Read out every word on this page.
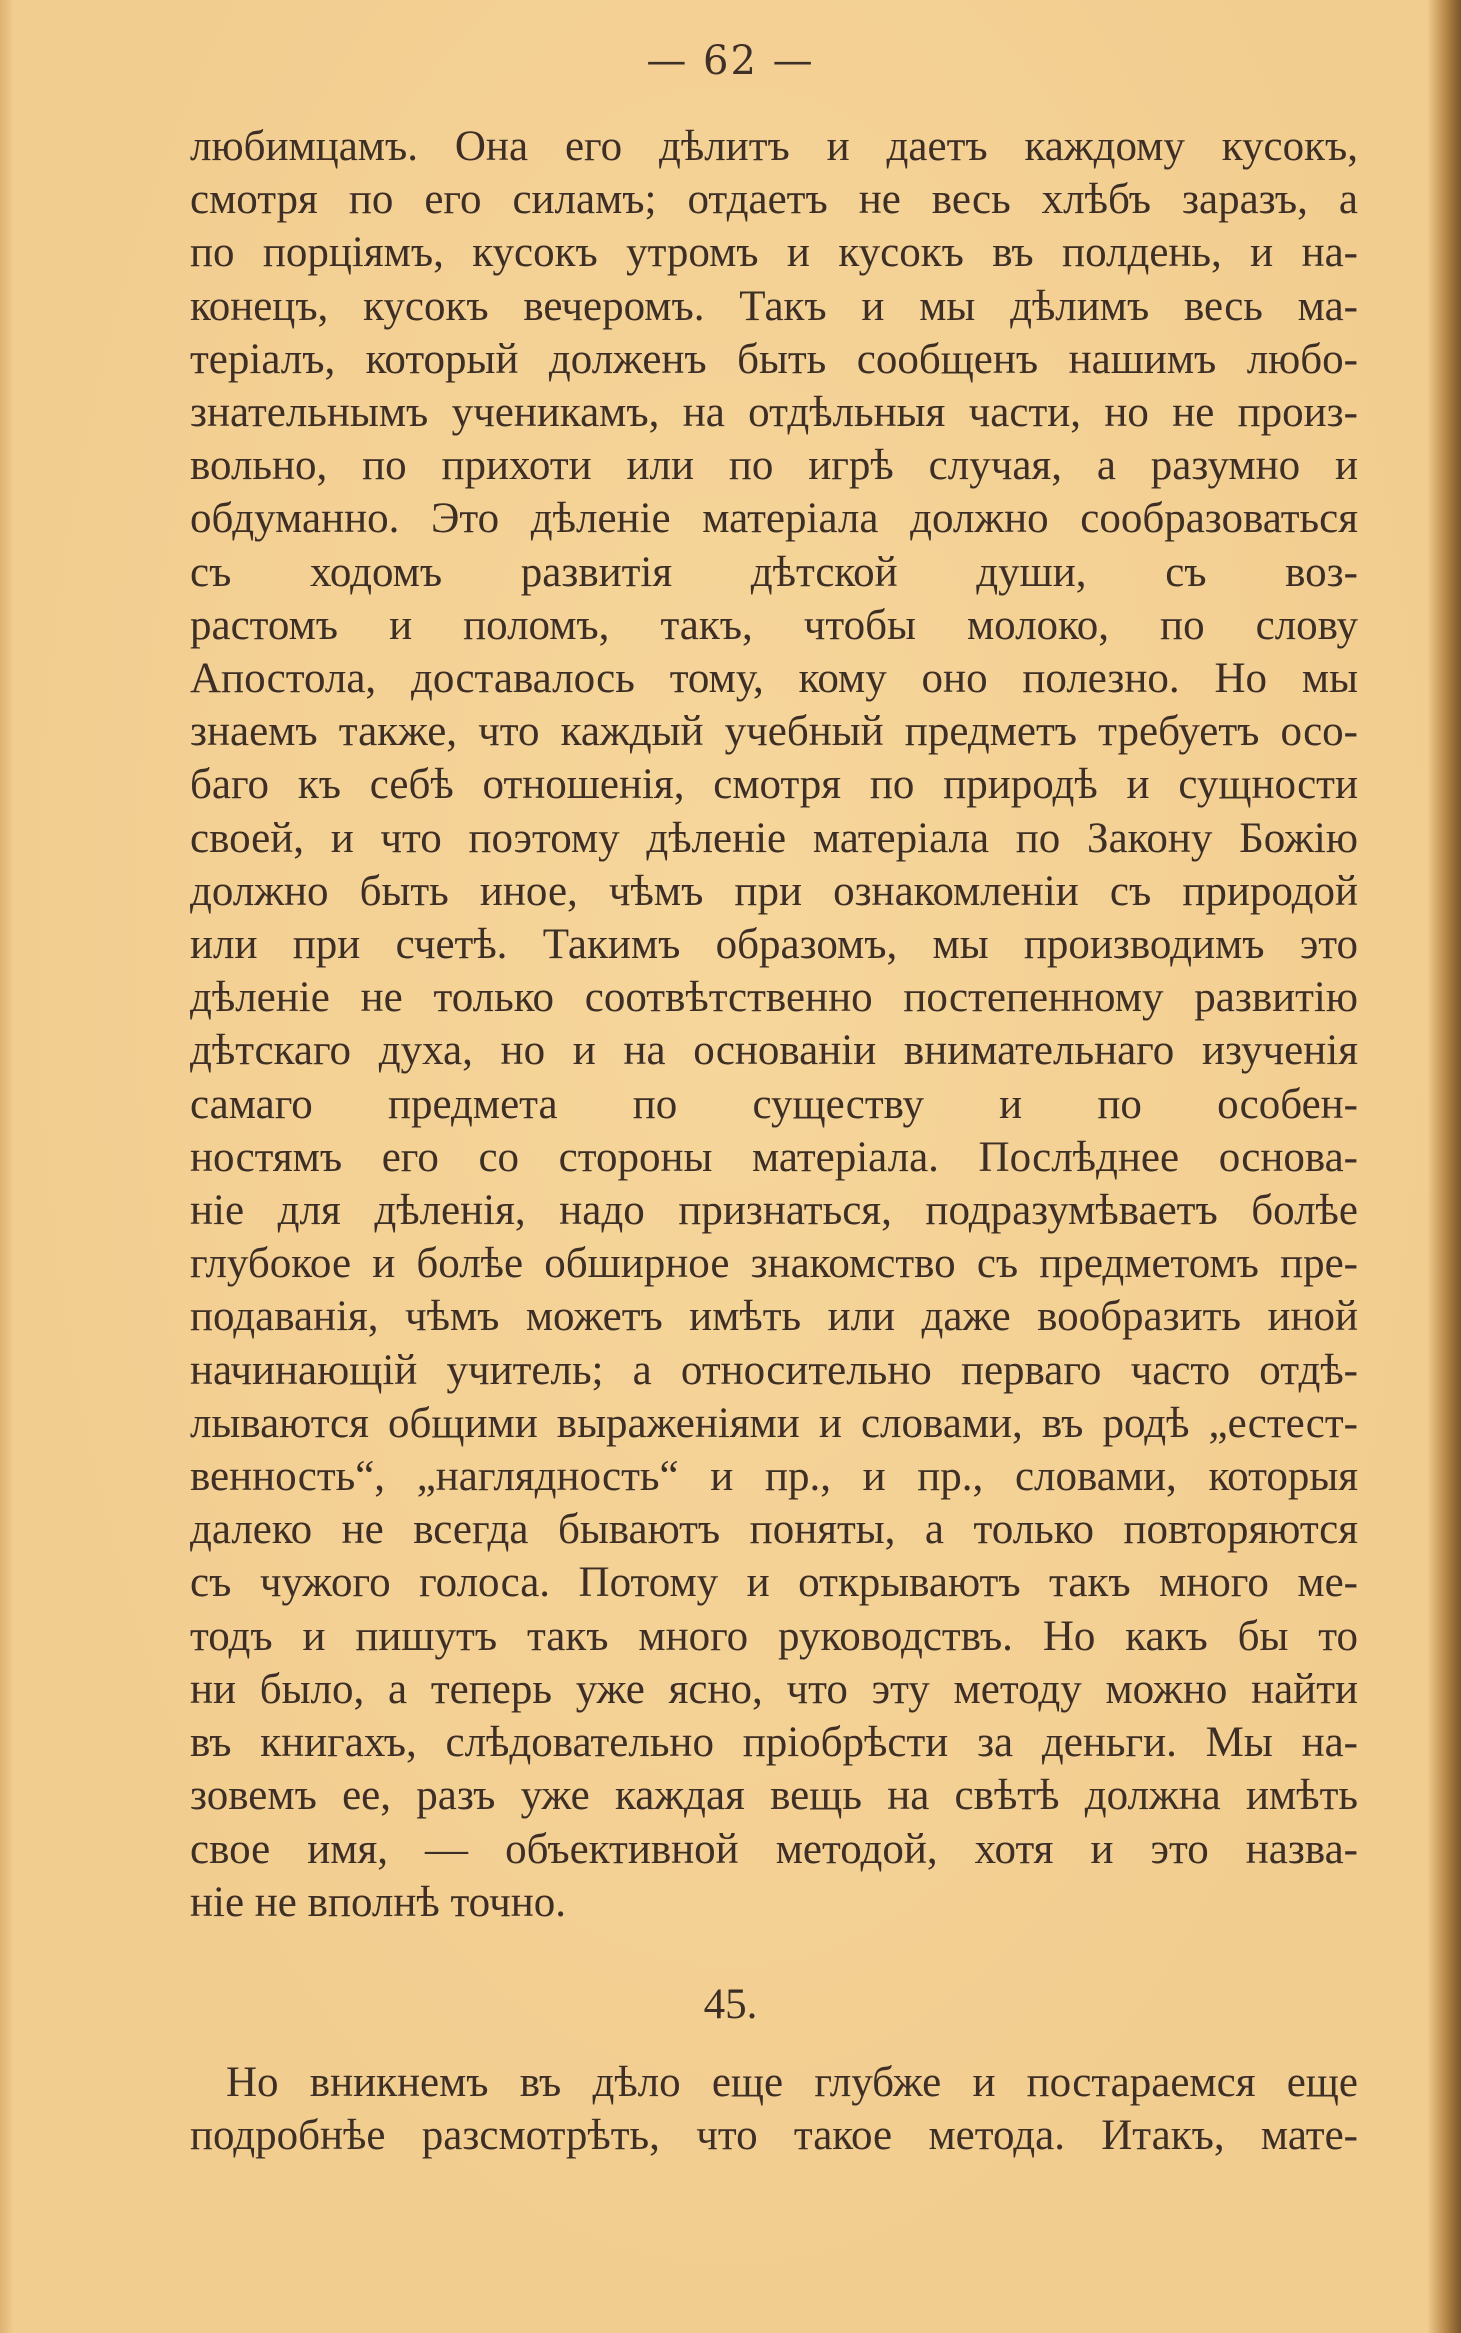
— 62 —
любимцамъ. Она его дѣлитъ и даетъ каждому кусокъ,
смотря по его силамъ; отдаетъ не весь хлѣбъ заразъ, а
по порціямъ, кусокъ утромъ и кусокъ въ полдень, и на-
конецъ, кусокъ вечеромъ. Такъ и мы дѣлимъ весь ма-
теріалъ, который долженъ быть сообщенъ нашимъ любо-
знательнымъ ученикамъ, на отдѣльныя части, но не произ-
вольно, по прихоти или по игрѣ случая, а разумно и
обдуманно. Это дѣленіе матеріала должно сообразоваться
съ ходомъ развитія дѣтской души, съ воз-
растомъ и поломъ, такъ, чтобы молоко, по слову
Апостола, доставалось тому, кому оно полезно. Но мы
знаемъ также, что каждый учебный предметъ требуетъ осо-
баго къ себѣ отношенія, смотря по природѣ и сущности
своей, и что поэтому дѣленіе матеріала по Закону Божію
должно быть иное, чѣмъ при ознакомленіи съ природой
или при счетѣ. Такимъ образомъ, мы производимъ это
дѣленіе не только соотвѣтственно постепенному развитію
дѣтскаго духа, но и на основаніи внимательнаго изученія
самаго предмета по существу и по особен-
ностямъ его со стороны матеріала. Послѣднее основа-
ніе для дѣленія, надо признаться, подразумѣваетъ болѣе
глубокое и болѣе обширное знакомство съ предметомъ пре-
подаванія, чѣмъ можетъ имѣть или даже вообразить иной
начинающій учитель; а относительно перваго часто отдѣ-
лываются общими выраженіями и словами, въ родѣ „естест-
венность“, „наглядность“ и пр., и пр., словами, которыя
далеко не всегда бываютъ поняты, а только повторяются
съ чужого голоса. Потому и открываютъ такъ много ме-
тодъ и пишутъ такъ много руководствъ. Но какъ бы то
ни было, а теперь уже ясно, что эту методу можно найти
въ книгахъ, слѣдовательно пріобрѣсти за деньги. Мы на-
зовемъ ее, разъ уже каждая вещь на свѣтѣ должна имѣть
свое имя, — объективной методой, хотя и это назва-
ніе не вполнѣ точно.
45.
Но вникнемъ въ дѣло еще глубже и постараемся еще
подробнѣе разсмотрѣть, что такое метода. Итакъ, мате-
